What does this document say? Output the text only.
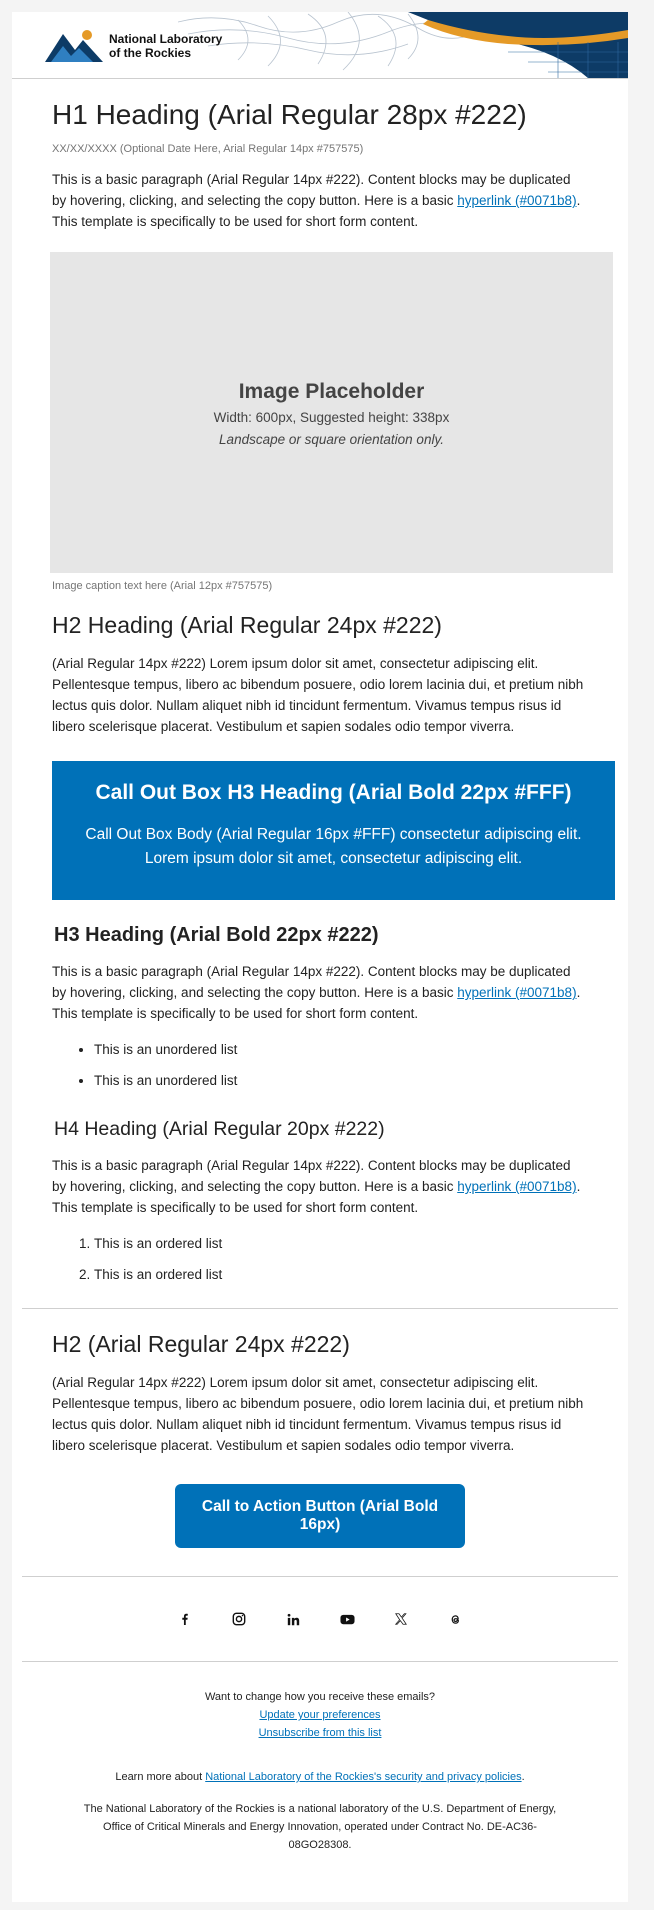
National Laboratory
of the Rockies
H1 Heading (Arial Regular 28px #222)
XX/XX/XXXX (Optional Date Here, Arial Regular 14px #757575)

This is a basic paragraph (Arial Regular 14px #222). Content blocks may be duplicated by hovering, clicking, and selecting the copy button. Here is a basic hyperlink (#0071b8). This template is specifically to be used for short form content.

Image Placeholder
Width: 600px, Suggested height: 338px
Landscape or square orientation only.
Image caption text here (Arial 12px #757575)
H2 Heading (Arial Regular 24px #222)

(Arial Regular 14px #222) Lorem ipsum dolor sit amet, consectetur adipiscing elit. Pellentesque tempus, libero ac bibendum posuere, odio lorem lacinia dui, et pretium nibh lectus quis dolor. Nullam aliquet nibh id tincidunt fermentum. Vivamus tempus risus id libero scelerisque placerat. Vestibulum et sapien sodales odio tempor viverra.

Call Out Box H3 Heading (Arial Bold 22px #FFF)
Call Out Box Body (Arial Regular 16px #FFF) consectetur adipiscing elit. Lorem ipsum dolor sit amet, consectetur adipiscing elit.
H3 Heading (Arial Bold 22px #222)

This is a basic paragraph (Arial Regular 14px #222). Content blocks may be duplicated by hovering, clicking, and selecting the copy button. Here is a basic hyperlink (#0071b8). This template is specifically to be used for short form content.

• This is an unordered list
• This is an unordered list
H4 Heading (Arial Regular 20px #222)

This is a basic paragraph (Arial Regular 14px #222). Content blocks may be duplicated by hovering, clicking, and selecting the copy button. Here is a basic hyperlink (#0071b8). This template is specifically to be used for short form content.

1. This is an ordered list
2. This is an ordered list
H2 (Arial Regular 24px #222)

(Arial Regular 14px #222) Lorem ipsum dolor sit amet, consectetur adipiscing elit. Pellentesque tempus, libero ac bibendum posuere, odio lorem lacinia dui, et pretium nibh lectus quis dolor. Nullam aliquet nibh id tincidunt fermentum. Vivamus tempus risus id libero scelerisque placerat. Vestibulum et sapien sodales odio tempor viverra.

Call to Action Button (Arial Bold 16px)

Want to change how you receive these emails?

Update your preferences

Unsubscribe from this list

Learn more about National Laboratory of the Rockies's security and privacy policies.

The National Laboratory of the Rockies is a national laboratory of the U.S. Department of Energy, Office of Critical Minerals and Energy Innovation, operated under Contract No. DE-AC36-08GO28308.
